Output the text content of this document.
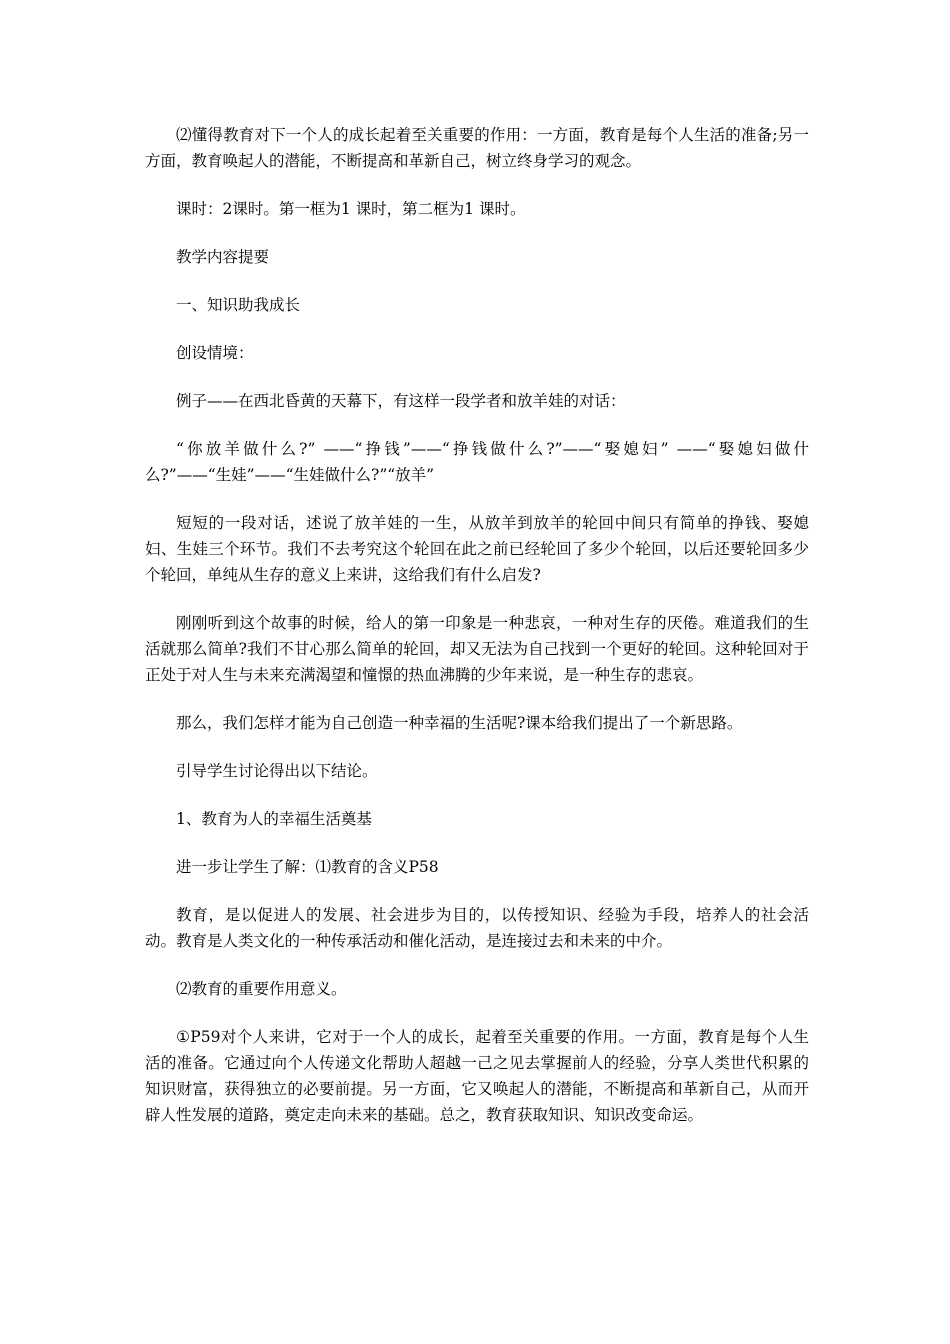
⑵懂得教育对下一个人的成长起着至关重要的作用：一方面，教育是每个人生活的准备;另一方面，教育唤起人的潜能，不断提高和革新自己，树立终身学习的观念。

课时：2课时。第一框为1 课时，第二框为1 课时。

教学内容提要

一、知识助我成长

创设情境：

例子——在西北昏黄的天幕下，有这样一段学者和放羊娃的对话：

“你放羊做什么?” ——“挣钱”——“挣钱做什么?”——“娶媳妇” ——“娶媳妇做什么?”——“生娃”——“生娃做什么?”“放羊”

短短的一段对话，述说了放羊娃的一生，从放羊到放羊的轮回中间只有简单的挣钱、娶媳妇、生娃三个环节。我们不去考究这个轮回在此之前已经轮回了多少个轮回，以后还要轮回多少个轮回，单纯从生存的意义上来讲，这给我们有什么启发?

刚刚听到这个故事的时候，给人的第一印象是一种悲哀，一种对生存的厌倦。难道我们的生活就那么简单?我们不甘心那么简单的轮回，却又无法为自己找到一个更好的轮回。这种轮回对于正处于对人生与未来充满渴望和憧憬的热血沸腾的少年来说，是一种生存的悲哀。

那么，我们怎样才能为自己创造一种幸福的生活呢?课本给我们提出了一个新思路。

引导学生讨论得出以下结论。

1、教育为人的幸福生活奠基

进一步让学生了解：⑴教育的含义P58

教育，是以促进人的发展、社会进步为目的，以传授知识、经验为手段，培养人的社会活动。教育是人类文化的一种传承活动和催化活动，是连接过去和未来的中介。

⑵教育的重要作用意义。

①P59对个人来讲，它对于一个人的成长，起着至关重要的作用。一方面，教育是每个人生活的准备。它通过向个人传递文化帮助人超越一己之见去掌握前人的经验，分享人类世代积累的知识财富，获得独立的必要前提。另一方面，它又唤起人的潜能，不断提高和革新自己，从而开辟人性发展的道路，奠定走向未来的基础。总之，教育获取知识、知识改变命运。
